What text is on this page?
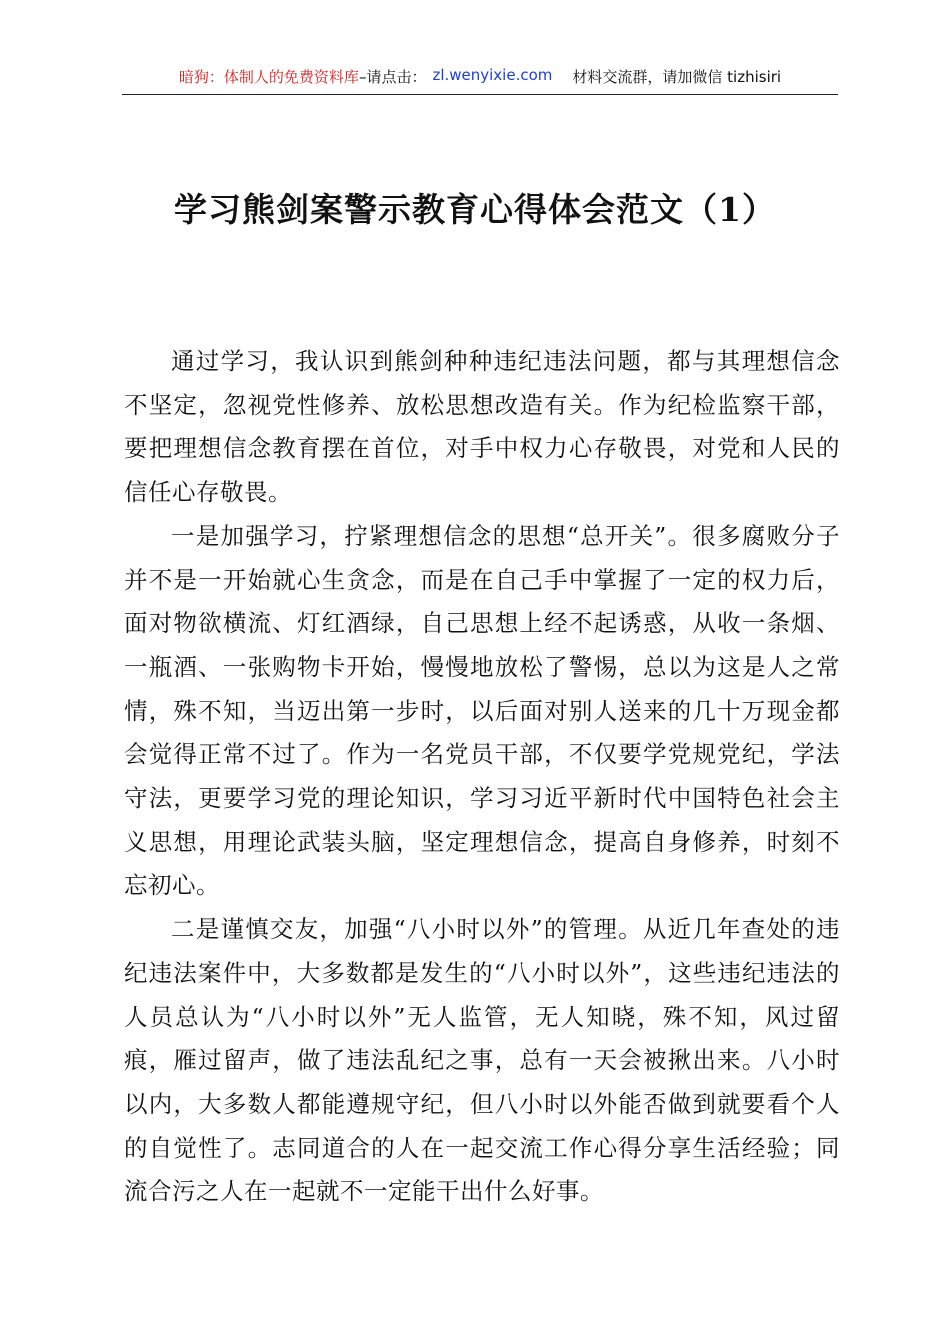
暗狗：体制人的免费资料库 –请点击： zl.wenyixie.com 材料交流群，请加微信 tizhisiri
学习熊剑案警示教育心得体会范文（1）

通过学习，我认识到熊剑种种违纪违法问题，都与其理想信念不坚定，忽视党性修养、放松思想改造有关。作为纪检监察干部，要把理想信念教育摆在首位，对手中权力心存敬畏，对党和人民的信任心存敬畏。

一是加强学习，拧紧理想信念的思想“总开关”。很多腐败分子并不是一开始就心生贪念，而是在自己手中掌握了一定的权力后，面对物欲横流、灯红酒绿，自己思想上经不起诱惑，从收一条烟、一瓶酒、一张购物卡开始，慢慢地放松了警惕，总以为这是人之常情，殊不知，当迈出第一步时，以后面对别人送来的几十万现金都会觉得正常不过了。作为一名党员干部，不仅要学党规党纪，学法守法，更要学习党的理论知识，学习习近平新时代中国特色社会主义思想，用理论武装头脑，坚定理想信念，提高自身修养，时刻不忘初心。

二是谨慎交友，加强“八小时以外”的管理。从近几年查处的违纪违法案件中，大多数都是发生的“八小时以外”，这些违纪违法的人员总认为“八小时以外”无人监管，无人知晓，殊不知，风过留痕，雁过留声，做了违法乱纪之事，总有一天会被揪出来。八小时以内，大多数人都能遵规守纪，但八小时以外能否做到就要看个人的自觉性了。志同道合的人在一起交流工作心得分享生活经验；同流合污之人在一起就不一定能干出什么好事。
